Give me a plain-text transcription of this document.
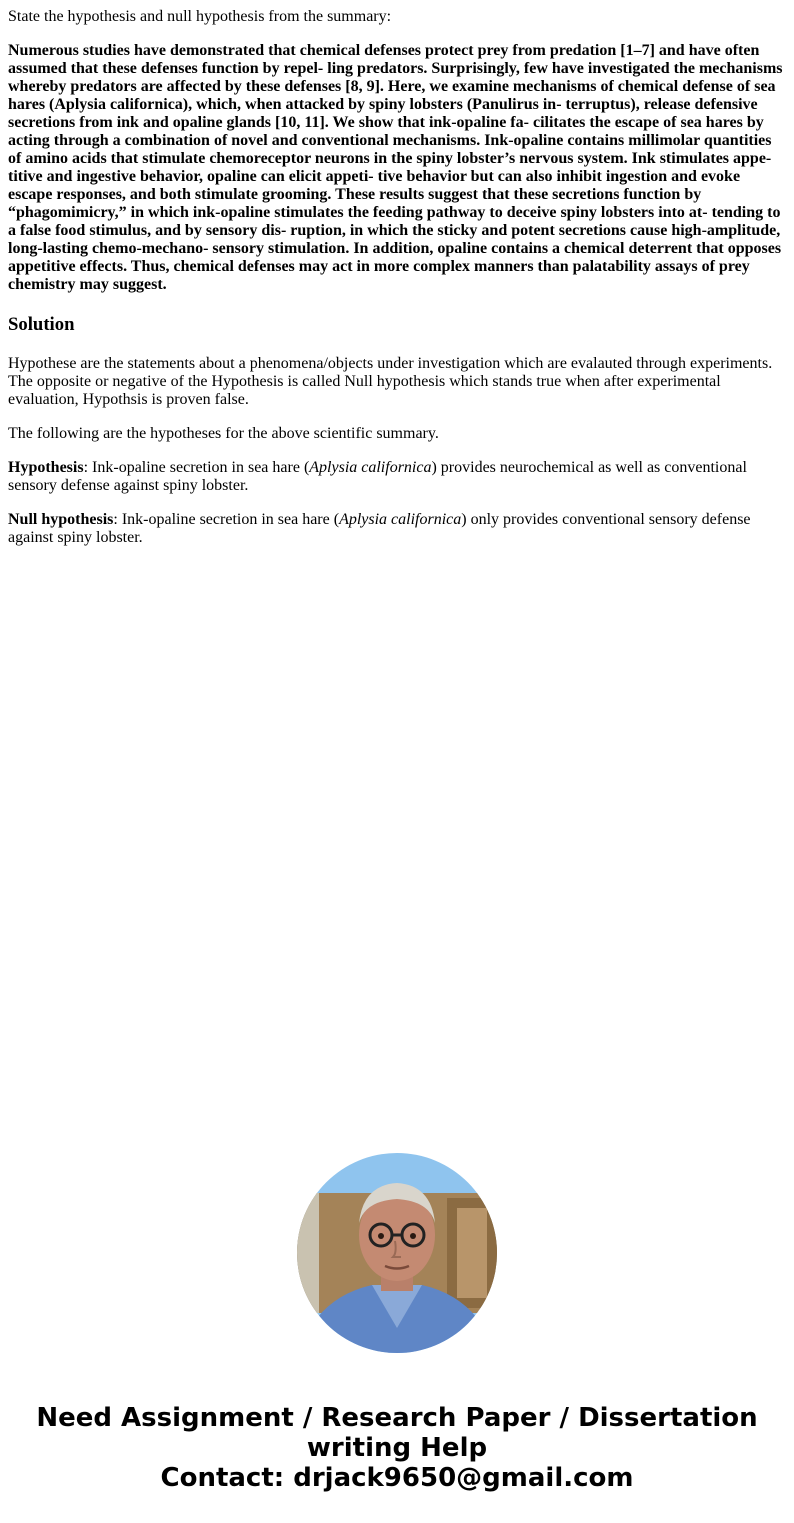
State the hypothesis and null hypothesis from the summary:

Numerous studies have demonstrated that chemical defenses protect prey from predation [1–7] and have often assumed that these defenses function by repel- ling predators. Surprisingly, few have investigated the mechanisms whereby predators are affected by these defenses [8, 9]. Here, we examine mechanisms of chemical defense of sea hares (Aplysia californica), which, when attacked by spiny lobsters (Panulirus in- terruptus), release defensive secretions from ink and opaline glands [10, 11]. We show that ink-opaline fa- cilitates the escape of sea hares by acting through a combination of novel and conventional mechanisms. Ink-opaline contains millimolar quantities of amino acids that stimulate chemoreceptor neurons in the spiny lobster’s nervous system. Ink stimulates appe- titive and ingestive behavior, opaline can elicit appeti- tive behavior but can also inhibit ingestion and evoke escape responses, and both stimulate grooming. These results suggest that these secretions function by “phagomimicry,” in which ink-opaline stimulates the feeding pathway to deceive spiny lobsters into at- tending to a false food stimulus, and by sensory dis- ruption, in which the sticky and potent secretions cause high-amplitude, long-lasting chemo-mechano- sensory stimulation. In addition, opaline contains a chemical deterrent that opposes appetitive effects. Thus, chemical defenses may act in more complex manners than palatability assays of prey chemistry may suggest.

Solution

Hypothese are the statements about a phenomena/objects under investigation which are evalauted through experiments. The opposite or negative of the Hypothesis is called Null hypothesis which stands true when after experimental evaluation, Hypothsis is proven false.

The following are the hypotheses for the above scientific summary.

Hypothesis: Ink-opaline secretion in sea hare (Aplysia californica) provides neurochemical as well as conventional sensory defense against spiny lobster.

Null hypothesis: Ink-opaline secretion in sea hare (Aplysia californica) only provides conventional sensory defense against spiny lobster.

Need Assignment / Research Paper / Dissertation
writing Help
Contact: drjack9650@gmail.com
